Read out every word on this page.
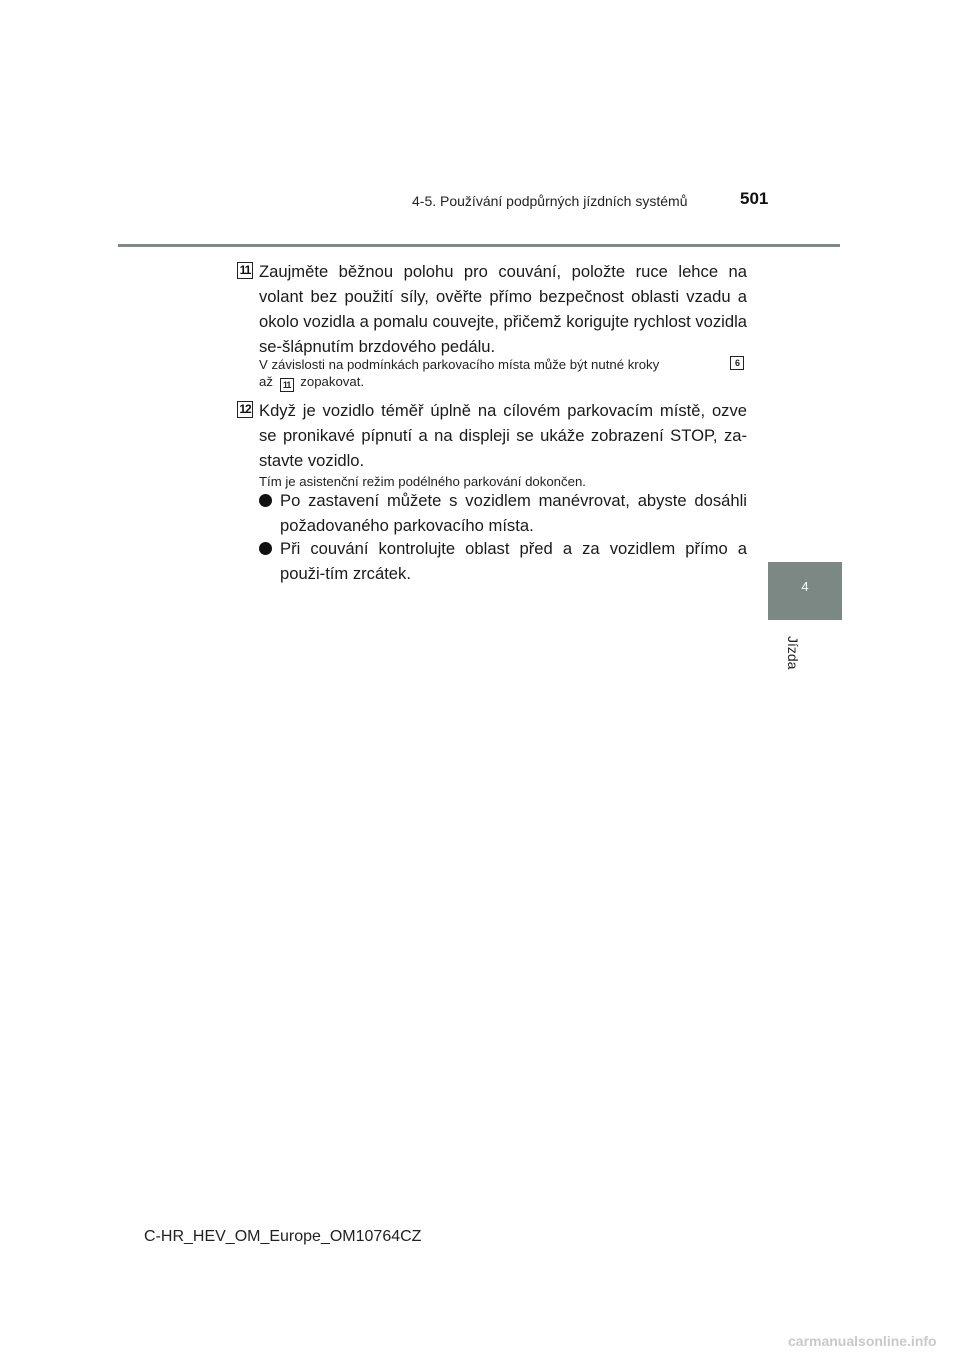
4-5. Používání podpůrných jízdních systémů	501
4
Jízda
11 Zaujměte běžnou polohu pro couvání, položte ruce lehce na volant bez použití síly, ověřte přímo bezpečnost oblasti vzadu a okolo vozidla a pomalu couvejte, přičemž korigujte rychlost vozidla se-šlápnutím brzdového pedálu.
V závislosti na podmínkách parkovacího místa může být nutné kroky	6
až 11 zopakovat.
12 Když je vozidlo téměř úplně na cílovém parkovacím místě, ozve se pronikavé pípnutí a na displeji se ukáže zobrazení STOP, za-stavte vozidlo.
Tím je asistenční režim podélného parkování dokončen.
Po zastavení můžete s vozidlem manévrovat, abyste dosáhli požadovaného parkovacího místa.
Při couvání kontrolujte oblast před a za vozidlem přímo a použi-tím zrcátek.
C-HR_HEV_OM_Europe_OM10764CZ
carmanualsonline.info
